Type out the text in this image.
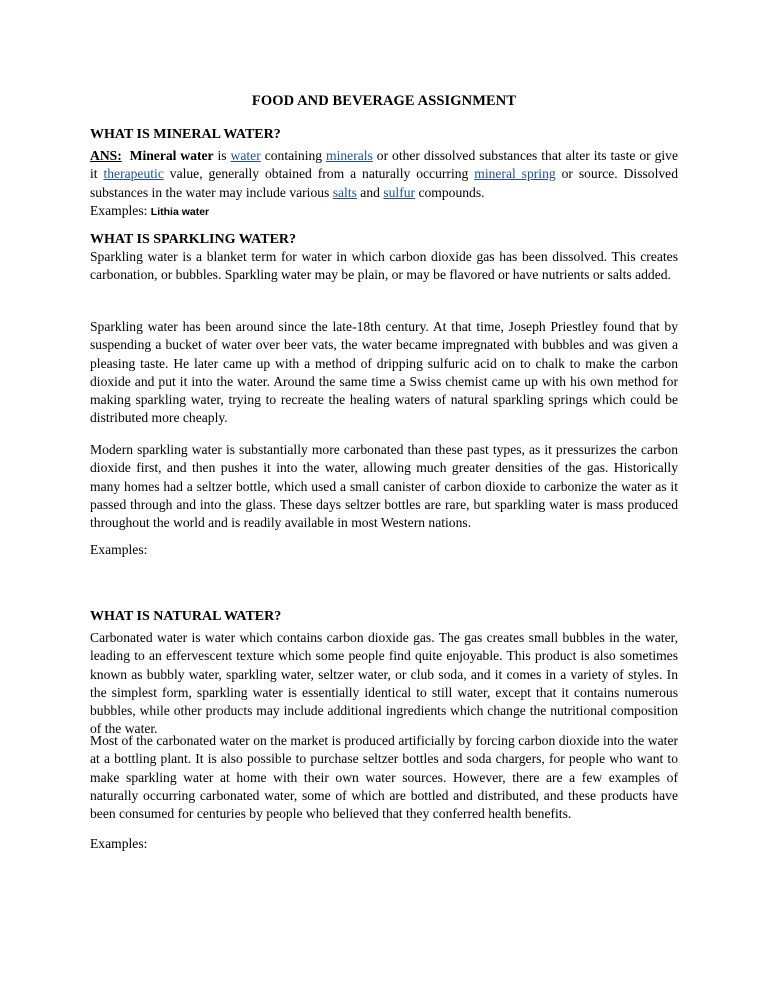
FOOD AND BEVERAGE ASSIGNMENT
WHAT IS MINERAL WATER?
ANS: Mineral water is water containing minerals or other dissolved substances that alter its taste or give it therapeutic value, generally obtained from a naturally occurring mineral spring or source. Dissolved substances in the water may include various salts and sulfur compounds.
Examples: Lithia water
WHAT IS SPARKLING WATER?
Sparkling water is a blanket term for water in which carbon dioxide gas has been dissolved. This creates carbonation, or bubbles. Sparkling water may be plain, or may be flavored or have nutrients or salts added.
Sparkling water has been around since the late-18th century. At that time, Joseph Priestley found that by suspending a bucket of water over beer vats, the water became impregnated with bubbles and was given a pleasing taste. He later came up with a method of dripping sulfuric acid on to chalk to make the carbon dioxide and put it into the water. Around the same time a Swiss chemist came up with his own method for making sparkling water, trying to recreate the healing waters of natural sparkling springs which could be distributed more cheaply.
Modern sparkling water is substantially more carbonated than these past types, as it pressurizes the carbon dioxide first, and then pushes it into the water, allowing much greater densities of the gas. Historically many homes had a seltzer bottle, which used a small canister of carbon dioxide to carbonize the water as it passed through and into the glass. These days seltzer bottles are rare, but sparkling water is mass produced throughout the world and is readily available in most Western nations.
Examples:
WHAT IS NATURAL WATER?
Carbonated water is water which contains carbon dioxide gas. The gas creates small bubbles in the water, leading to an effervescent texture which some people find quite enjoyable. This product is also sometimes known as bubbly water, sparkling water, seltzer water, or club soda, and it comes in a variety of styles. In the simplest form, sparkling water is essentially identical to still water, except that it contains numerous bubbles, while other products may include additional ingredients which change the nutritional composition of the water.
Most of the carbonated water on the market is produced artificially by forcing carbon dioxide into the water at a bottling plant. It is also possible to purchase seltzer bottles and soda chargers, for people who want to make sparkling water at home with their own water sources. However, there are a few examples of naturally occurring carbonated water, some of which are bottled and distributed, and these products have been consumed for centuries by people who believed that they conferred health benefits.
Examples:
